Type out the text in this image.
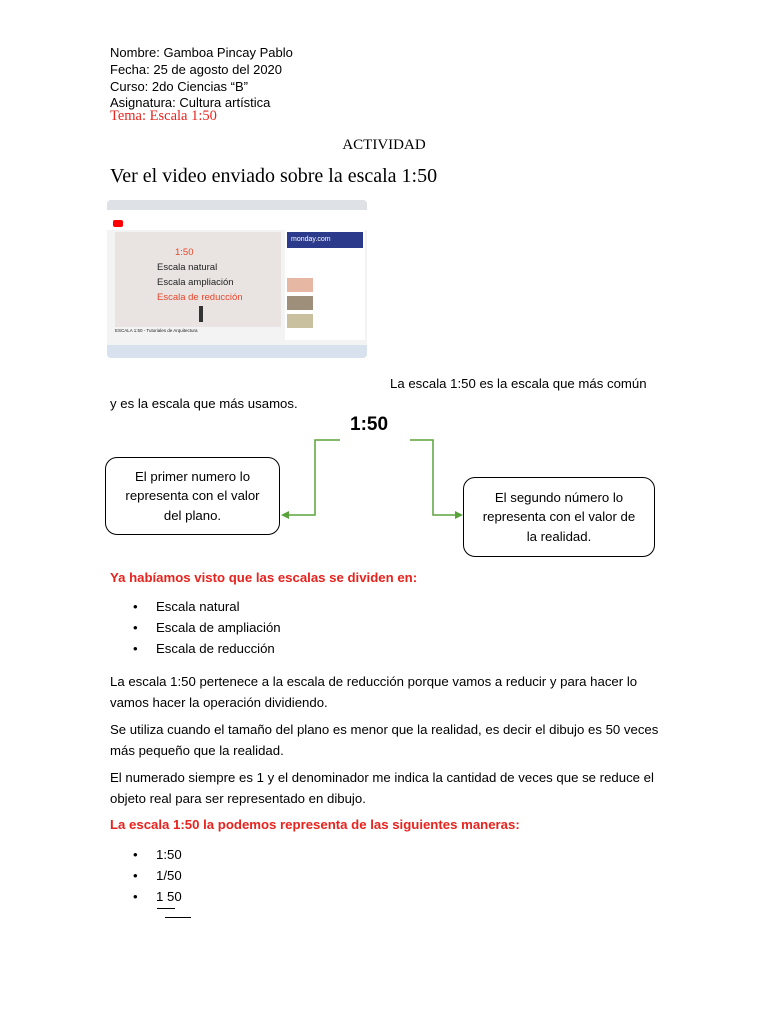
Nombre: Gamboa Pincay Pablo
Fecha: 25 de agosto del 2020
Curso: 2do Ciencias “B”
Asignatura: Cultura artística
Tema: Escala 1:50
ACTIVIDAD
Ver el video enviado sobre la escala 1:50
1:50
Escala natural
Escala ampliación
Escala de reducción
ESCALA 1:50 - Tutoriales de Arquitectura
monday.com
La escala 1:50 es la escala que más común
y es la escala que más usamos.
1:50
El primer numero lo
representa con el valor
del plano.
El segundo número lo
representa con el valor de
la realidad.
Ya habíamos visto que las escalas se dividen en:
• Escala natural
• Escala de ampliación
• Escala de reducción
La escala 1:50 pertenece a la escala de reducción porque vamos a reducir y para hacer lo vamos hacer la operación dividiendo.
Se utiliza cuando el tamaño del plano es menor que la realidad, es decir el dibujo es 50 veces más pequeño que la realidad.
El numerado siempre es 1 y el denominador me indica la cantidad de veces que se reduce el objeto real para ser representado en dibujo.
La escala 1:50 la podemos representa de las siguientes maneras:
• 1:50
• 1/50
• 1 50
